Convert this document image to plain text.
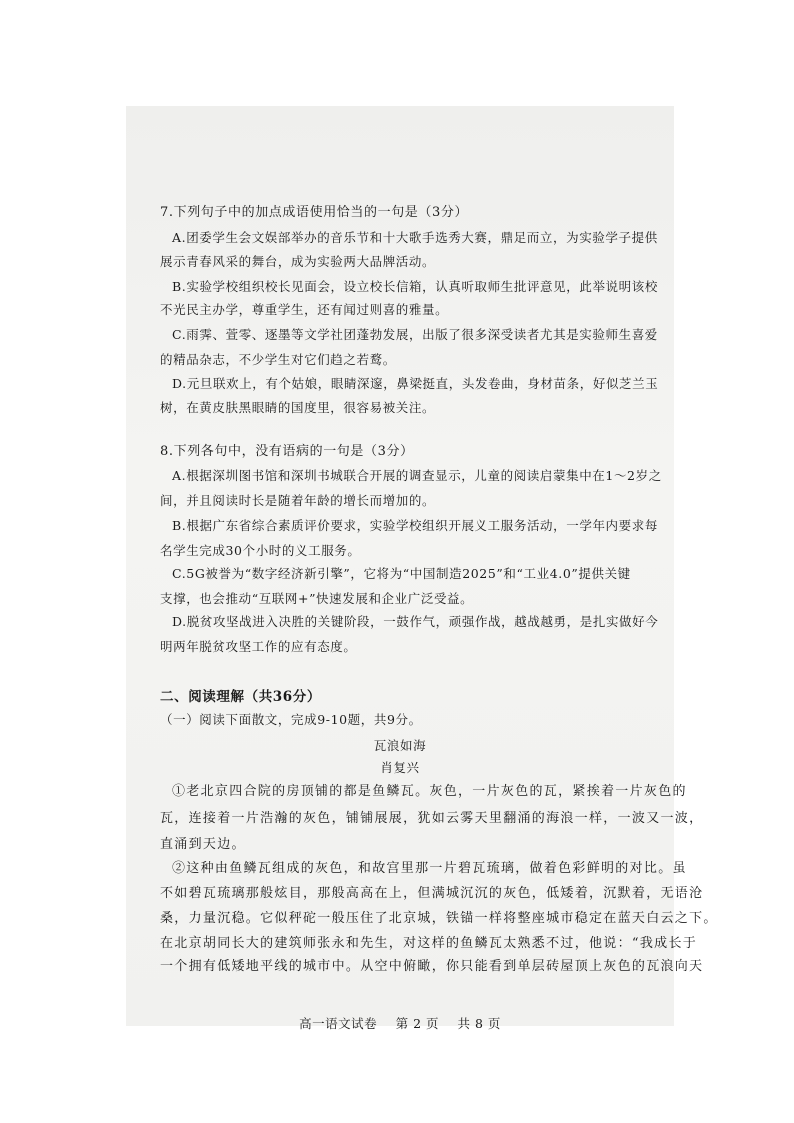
7.下列句子中的加点成语使用恰当的一句是（3分）
A.团委学生会文娱部举办的音乐节和十大歌手选秀大赛，鼎足而立，为实验学子提供
展示青春风采的舞台，成为实验两大品牌活动。
B.实验学校组织校长见面会，设立校长信箱，认真听取师生批评意见，此举说明该校
不光民主办学，尊重学生，还有闻过则喜的雅量。
C.雨霁、萱零、逐墨等文学社团蓬勃发展，出版了很多深受读者尤其是实验师生喜爱
的精品杂志，不少学生对它们趋之若鹜。
D.元旦联欢上，有个姑娘，眼睛深邃，鼻梁挺直，头发卷曲，身材苗条，好似芝兰玉
树，在黄皮肤黑眼睛的国度里，很容易被关注。
8.下列各句中，没有语病的一句是（3分）
A.根据深圳图书馆和深圳书城联合开展的调查显示，儿童的阅读启蒙集中在1～2岁之
间，并且阅读时长是随着年龄的增长而增加的。
B.根据广东省综合素质评价要求，实验学校组织开展义工服务活动，一学年内要求每
名学生完成30个小时的义工服务。
C.5G被誉为“数字经济新引擎”，它将为“中国制造2025”和“工业4.0”提供关键
支撑，也会推动“互联网+”快速发展和企业广泛受益。
D.脱贫攻坚战进入决胜的关键阶段，一鼓作气，顽强作战，越战越勇，是扎实做好今
明两年脱贫攻坚工作的应有态度。
二、阅读理解（共36分）
（一）阅读下面散文，完成9-10题，共9分。
瓦浪如海
肖复兴
①老北京四合院的房顶铺的都是鱼鳞瓦。灰色，一片灰色的瓦，紧挨着一片灰色的
瓦，连接着一片浩瀚的灰色，铺铺展展，犹如云雾天里翻涌的海浪一样，一波又一波，
直涌到天边。
②这种由鱼鳞瓦组成的灰色，和故宫里那一片碧瓦琉璃，做着色彩鲜明的对比。虽
不如碧瓦琉璃那般炫目，那般高高在上，但满城沉沉的灰色，低矮着，沉默着，无语沧
桑，力量沉稳。它似秤砣一般压住了北京城，铁锚一样将整座城市稳定在蓝天白云之下。
在北京胡同长大的建筑师张永和先生，对这样的鱼鳞瓦太熟悉不过，他说：“我成长于
一个拥有低矮地平线的城市中。从空中俯瞰，你只能看到单层砖屋顶上灰色的瓦浪向天
高一语文试卷 第 2 页 共 8 页
